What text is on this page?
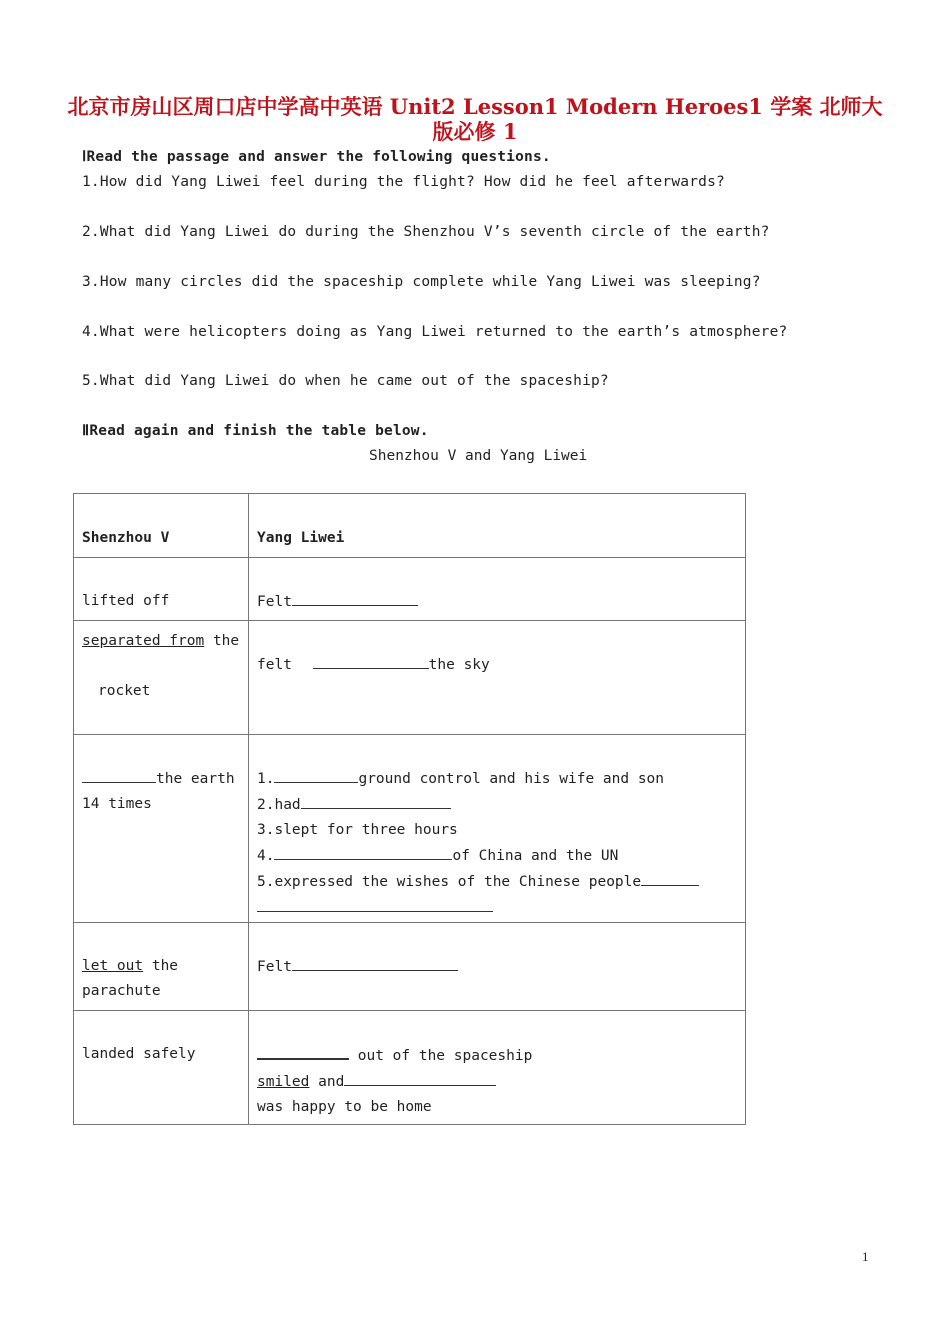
北京市房山区周口店中学高中英语 Unit2 Lesson1 Modern Heroes1 学案 北师大
版必修 1
ⅠRead the passage and answer the following questions.
1.How did Yang Liwei feel during the flight? How did he feel afterwards?
2.What did Yang Liwei do during the Shenzhou V’s seventh circle of the earth?
3.How many circles did the spaceship complete while Yang Liwei was sleeping?
4.What were helicopters doing as Yang Liwei returned to the earth’s atmosphere?
5.What did Yang Liwei do when he came out of the spaceship?
ⅡRead again and finish the table below.
Shenzhou V and Yang Liwei
Shenzhou V	Yang Liwei
lifted off	Felt
separated from the

rocket	felt the sky
the earth 14 times	1. ground control and his wife and son
2.had
3.slept for three hours
4. of China and the UN
5.expressed the wishes of the Chinese people

let out the parachute	Felt
landed safely	out of the spaceship
smiled and
was happy to be home
1
